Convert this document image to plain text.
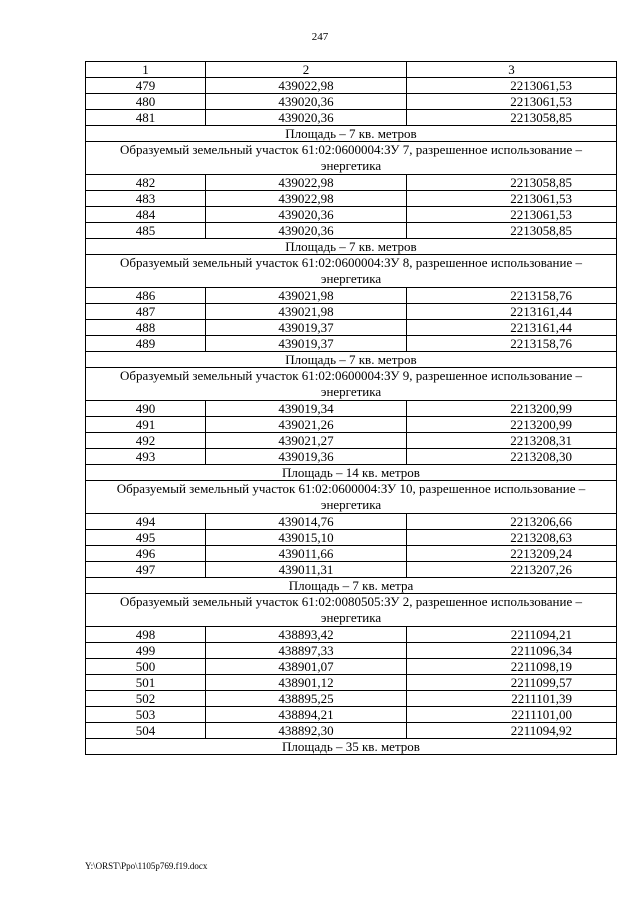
247
1	2	3
479	439022,98	2213061,53
480	439020,36	2213061,53
481	439020,36	2213058,85
Площадь – 7 кв. метров		
Образуемый земельный участок 61:02:0600004:ЗУ 7, разрешенное использование – энергетика		
482	439022,98	2213058,85
483	439022,98	2213061,53
484	439020,36	2213061,53
485	439020,36	2213058,85
Площадь – 7 кв. метров		
Образуемый земельный участок 61:02:0600004:ЗУ 8, разрешенное использование – энергетика		
486	439021,98	2213158,76
487	439021,98	2213161,44
488	439019,37	2213161,44
489	439019,37	2213158,76
Площадь – 7 кв. метров		
Образуемый земельный участок 61:02:0600004:ЗУ 9, разрешенное использование – энергетика		
490	439019,34	2213200,99
491	439021,26	2213200,99
492	439021,27	2213208,31
493	439019,36	2213208,30
Площадь – 14 кв. метров		
Образуемый земельный участок 61:02:0600004:ЗУ 10, разрешенное использование – энергетика		
494	439014,76	2213206,66
495	439015,10	2213208,63
496	439011,66	2213209,24
497	439011,31	2213207,26
Площадь – 7 кв. метра		
Образуемый земельный участок 61:02:0080505:ЗУ 2, разрешенное использование – энергетика		
498	438893,42	2211094,21
499	438897,33	2211096,34
500	438901,07	2211098,19
501	438901,12	2211099,57
502	438895,25	2211101,39
503	438894,21	2211101,00
504	438892,30	2211094,92
Площадь – 35 кв. метров		
Y:\ORST\Ppo\1105p769.f19.docx
